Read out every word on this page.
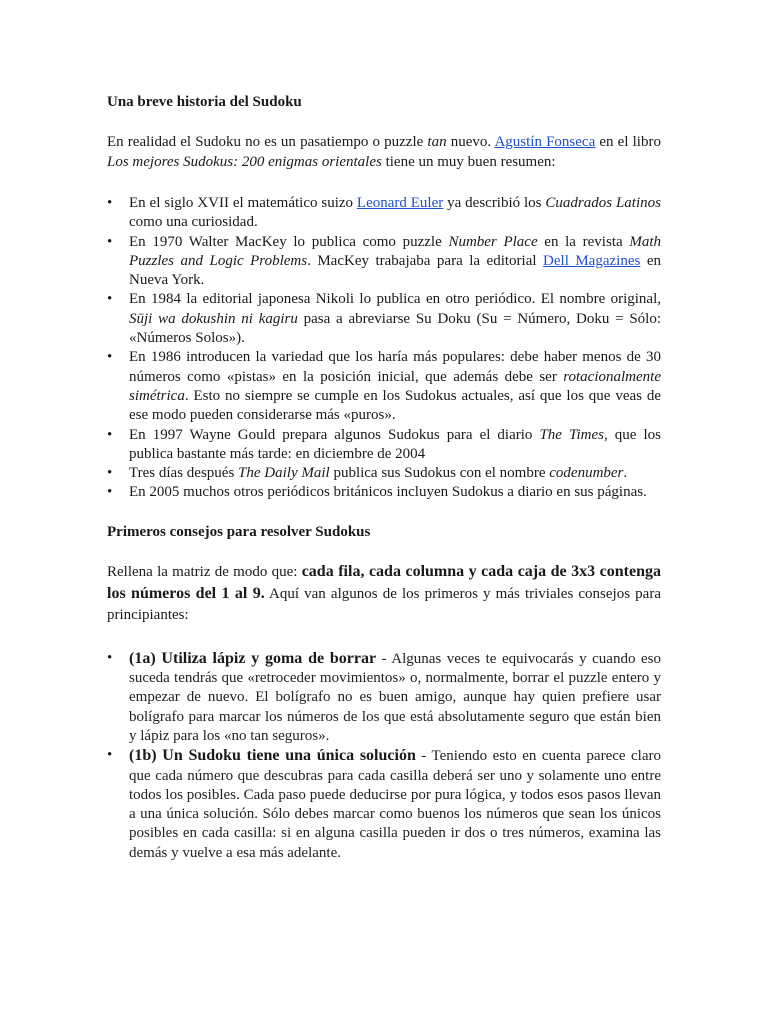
Una breve historia del Sudoku

En realidad el Sudoku no es un pasatiempo o puzzle tan nuevo. Agustín Fonseca en el libro Los mejores Sudokus: 200 enigmas orientales tiene un muy buen resumen:

• En el siglo XVII el matemático suizo Leonard Euler ya describió los Cuadrados Latinos como una curiosidad.
• En 1970 Walter MacKey lo publica como puzzle Number Place en la revista Math Puzzles and Logic Problems. MacKey trabajaba para la editorial Dell Magazines en Nueva York.
• En 1984 la editorial japonesa Nikoli lo publica en otro periódico. El nombre original, Sūji wa dokushin ni kagiru pasa a abreviarse Su Doku (Su = Número, Doku = Sólo: «Números Solos»).
• En 1986 introducen la variedad que los haría más populares: debe haber menos de 30 números como «pistas» en la posición inicial, que además debe ser rotacionalmente simétrica. Esto no siempre se cumple en los Sudokus actuales, así que los que veas de ese modo pueden considerarse más «puros».
• En 1997 Wayne Gould prepara algunos Sudokus para el diario The Times, que los publica bastante más tarde: en diciembre de 2004
• Tres días después The Daily Mail publica sus Sudokus con el nombre codenumber.
• En 2005 muchos otros periódicos británicos incluyen Sudokus a diario en sus páginas.
Primeros consejos para resolver Sudokus

Rellena la matriz de modo que: cada fila, cada columna y cada caja de 3x3 contenga los números del 1 al 9. Aquí van algunos de los primeros y más triviales consejos para principiantes:

• (1a) Utiliza lápiz y goma de borrar - Algunas veces te equivocarás y cuando eso suceda tendrás que «retroceder movimientos» o, normalmente, borrar el puzzle entero y empezar de nuevo. El bolígrafo no es buen amigo, aunque hay quien prefiere usar bolígrafo para marcar los números de los que está absolutamente seguro que están bien y lápiz para los «no tan seguros».
• (1b) Un Sudoku tiene una única solución - Teniendo esto en cuenta parece claro que cada número que descubras para cada casilla deberá ser uno y solamente uno entre todos los posibles. Cada paso puede deducirse por pura lógica, y todos esos pasos llevan a una única solución. Sólo debes marcar como buenos los números que sean los únicos posibles en cada casilla: si en alguna casilla pueden ir dos o tres números, examina las demás y vuelve a esa más adelante.
